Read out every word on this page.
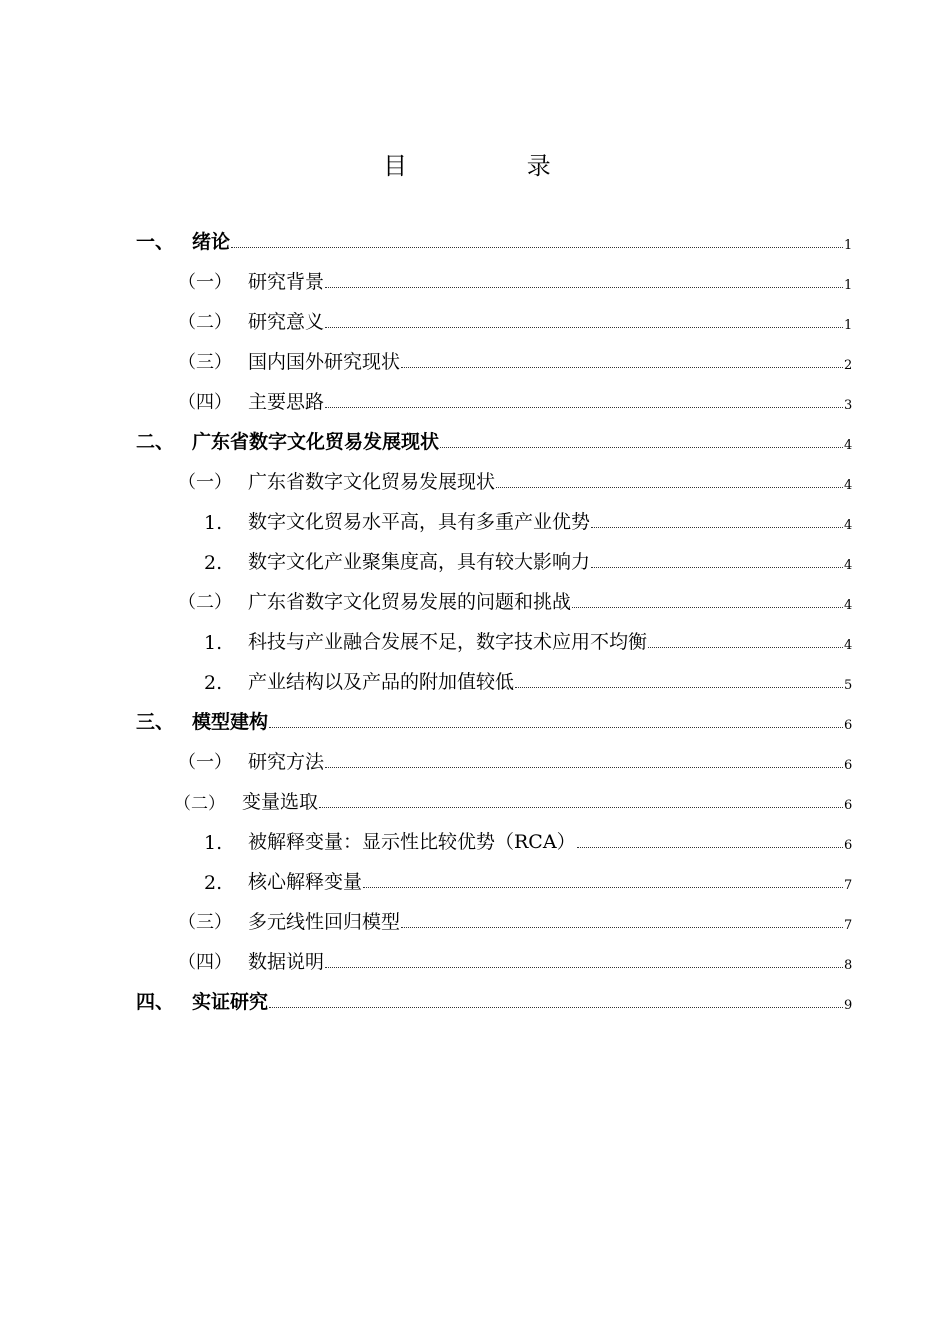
目 录
一、 绪论	1
（一） 研究背景	1
（二） 研究意义	1
（三） 国内国外研究现状	2
（四） 主要思路	3
二、 广东省数字文化贸易发展现状	4
（一） 广东省数字文化贸易发展现状	4
1.	数字文化贸易水平高，具有多重产业优势	4
2.	数字文化产业聚集度高，具有较大影响力	4
（二） 广东省数字文化贸易发展的问题和挑战	4
1.	科技与产业融合发展不足，数字技术应用不均衡	4
2.	产业结构以及产品的附加值较低	5
三、 模型建构	6
（一） 研究方法	6
（二） 变量选取	6
1.	被解释变量：显示性比较优势（RCA）	6
2.	核心解释变量	7
（三） 多元线性回归模型	7
（四） 数据说明	8
四、 实证研究	9
